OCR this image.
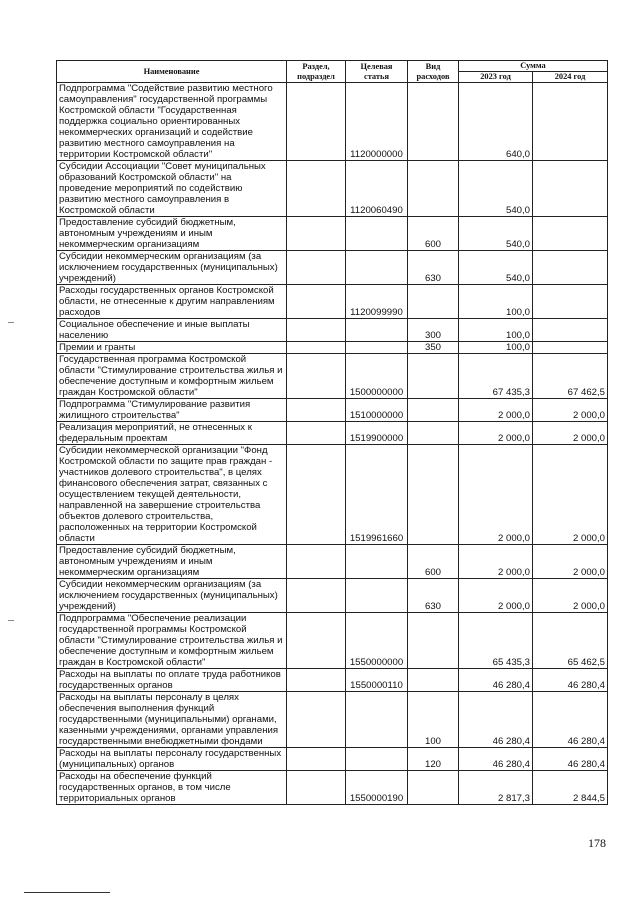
Наименование	Раздел, подраздел	Целевая статья	Вид расходов	Сумма	
				2023 год	2024 год
Подпрограмма "Содействие развитию местного самоуправления" государственной программы Костромской области "Государственная поддержка социально ориентированных некоммерческих организаций и содействие развитию местного самоуправления на территории Костромской области"		1120000000		640,0	
Субсидии Ассоциации "Совет муниципальных образований Костромской области" на проведение мероприятий по содействию развитию местного самоуправления в Костромской области		1120060490		540,0	
Предоставление субсидий бюджетным, автономным учреждениям и иным некоммерческим организациям			600	540,0	
Субсидии некоммерческим организациям (за исключением государственных (муниципальных) учреждений)			630	540,0	
Расходы государственных органов Костромской области, не отнесенные к другим направлениям расходов		1120099990		100,0	
Социальное обеспечение и иные выплаты населению			300	100,0	
Премии и гранты			350	100,0	
Государственная программа Костромской области "Стимулирование строительства жилья и обеспечение доступным и комфортным жильем граждан Костромской области"		1500000000		67 435,3	67 462,5
Подпрограмма "Стимулирование развития жилищного строительства"		1510000000		2 000,0	2 000,0
Реализация мероприятий, не отнесенных к федеральным проектам		1519900000		2 000,0	2 000,0
Субсидии некоммерческой организации "Фонд Костромской области по защите прав граждан - участников долевого строительства", в целях финансового обеспечения затрат, связанных с осуществлением текущей деятельности, направленной на завершение строительства объектов долевого строительства, расположенных на территории Костромской области		1519961660		2 000,0	2 000,0
Предоставление субсидий бюджетным, автономным учреждениям и иным некоммерческим организациям			600	2 000,0	2 000,0
Субсидии некоммерческим организациям (за исключением государственных (муниципальных) учреждений)			630	2 000,0	2 000,0
Подпрограмма "Обеспечение реализации государственной программы Костромской области "Стимулирование строительства жилья и обеспечение доступным и комфортным жильем граждан в Костромской области"		1550000000		65 435,3	65 462,5
Расходы на выплаты по оплате труда работников государственных органов		1550000110		46 280,4	46 280,4
Расходы на выплаты персоналу в целях обеспечения выполнения функций государственными (муниципальными) органами, казенными учреждениями, органами управления государственными внебюджетными фондами			100	46 280,4	46 280,4
Расходы на выплаты персоналу государственных (муниципальных) органов			120	46 280,4	46 280,4
Расходы на обеспечение функций государственных органов, в том числе территориальных органов		1550000190		2 817,3	2 844,5
178
